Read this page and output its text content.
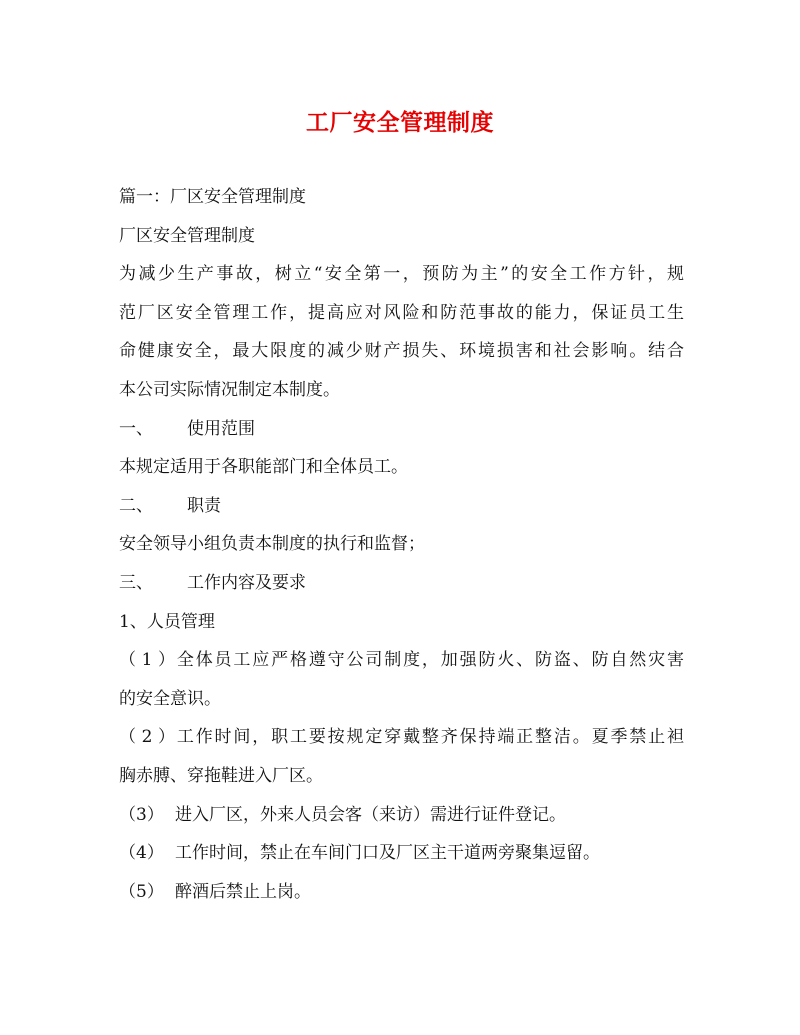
工厂安全管理制度
篇一：厂区安全管理制度
厂区安全管理制度
为减少生产事故，树立“安全第一，预防为主”的安全工作方针，规
范厂区安全管理工作，提高应对风险和防范事故的能力，保证员工生
命健康安全，最大限度的减少财产损失、环境损害和社会影响。结合
本公司实际情况制定本制度。
一、 使用范围
本规定适用于各职能部门和全体员工。
二、 职责
安全领导小组负责本制度的执行和监督；
三、 工作内容及要求
1、人员管理
（1）全体员工应严格遵守公司制度，加强防火、防盗、防自然灾害
的安全意识。
（2）工作时间，职工要按规定穿戴整齐保持端正整洁。夏季禁止袒
胸赤膊、穿拖鞋进入厂区。
（3） 进入厂区，外来人员会客（来访）需进行证件登记。
（4） 工作时间，禁止在车间门口及厂区主干道两旁聚集逗留。
（5） 醉酒后禁止上岗。
